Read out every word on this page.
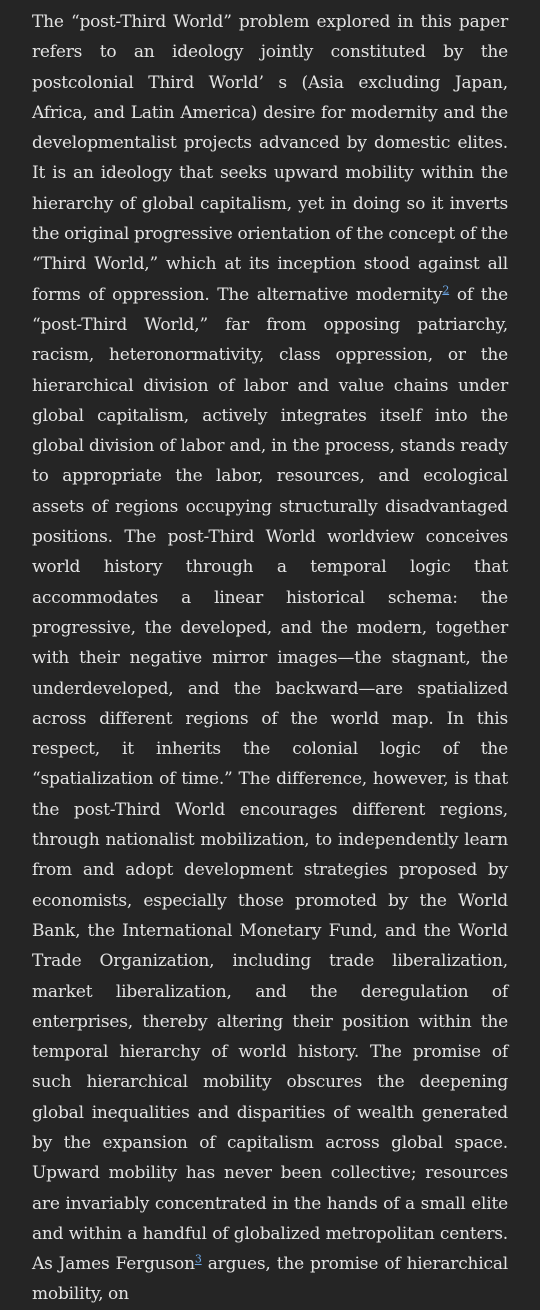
The “post-Third World” problem explored in this paper refers to an ideology jointly constituted by the postcolonial Third World’ s (Asia excluding Japan, Africa, and Latin America) desire for modernity and the developmentalist projects advanced by domestic elites. It is an ideology that seeks upward mobility within the hierarchy of global capitalism, yet in doing so it inverts the original progressive orientation of the concept of the “Third World,” which at its inception stood against all forms of oppression. The alternative modernity$^2$ of the “post-Third World,” far from opposing patriarchy, racism, heteronormativity, class oppression, or the hierarchical division of labor and value chains under global capitalism, actively integrates itself into the global division of labor and, in the process, stands ready to appropriate the labor, resources, and ecological assets of regions occupying structurally disadvantaged positions. The post-Third World worldview conceives world history through a temporal logic that accommodates a linear historical schema: the progressive, the developed, and the modern, together with their negative mirror images—the stagnant, the underdeveloped, and the backward—are spatialized across different regions of the world map. In this respect, it inherits the colonial logic of the “spatialization of time.” The difference, however, is that the post-Third World encourages different regions, through nationalist mobilization, to independently learn from and adopt development strategies proposed by economists, especially those promoted by the World Bank, the International Monetary Fund, and the World Trade Organization, including trade liberalization, market liberalization, and the deregulation of enterprises, thereby altering their position within the temporal hierarchy of world history. The promise of such hierarchical mobility obscures the deepening global inequalities and disparities of wealth generated by the expansion of capitalism across global space. Upward mobility has never been collective; resources are invariably concentrated in the hands of a small elite and within a handful of globalized metropolitan centers. As James Ferguson$^3$ argues, the promise of hierarchical mobility, on
